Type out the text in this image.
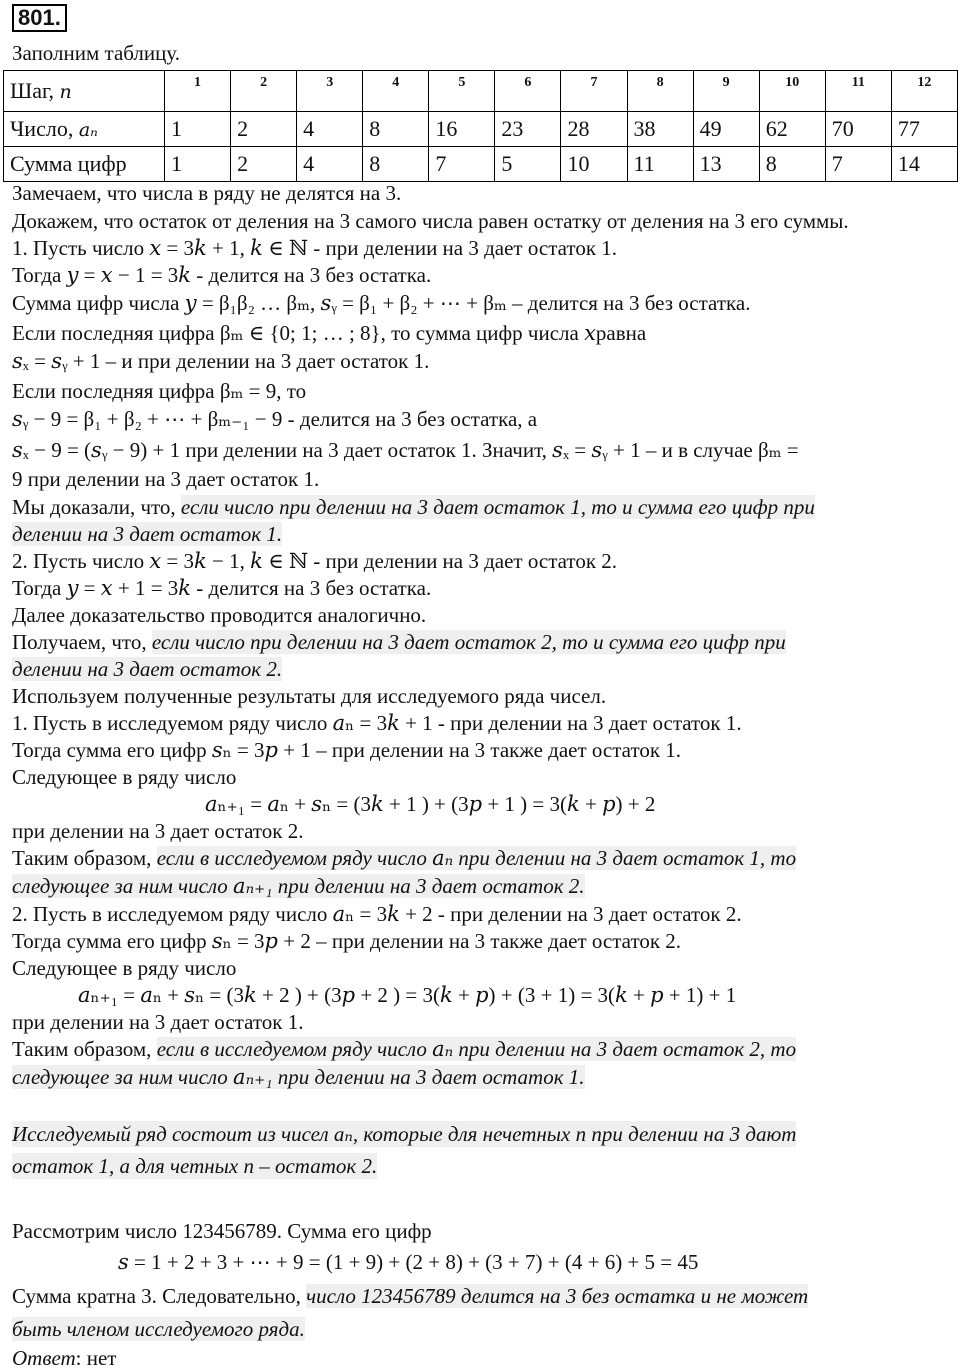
801.
Заполним таблицу.
Шаг, n	1	2	3	4	5	6	7	8	9	10	11	12
Число, aₙ	1	2	4	8	16	23	28	38	49	62	70	77
Сумма цифр	1	2	4	8	7	5	10	11	13	8	7	14
Замечаем, что числа в ряду не делятся на 3.
Докажем, что остаток от деления на 3 самого числа равен остатку от деления на 3 его суммы.
1. Пусть число 𝑥 = 3𝑘 + 1, 𝑘 ∈ ℕ - при делении на 3 дает остаток 1.
Тогда 𝑦 = 𝑥 − 1 = 3𝑘 - делится на 3 без остатка.
Сумма цифр числа 𝑦 = β₁β₂ … βₘ, 𝑠ᵧ = β₁ + β₂ + ⋯ + βₘ – делится на 3 без остатка.
Если последняя цифра βₘ ∈ {0; 1; … ; 8}, то сумма цифр числа 𝑥равна
𝑠ₓ = 𝑠ᵧ + 1 – и при делении на 3 дает остаток 1.
Если последняя цифра βₘ = 9, то
𝑠ᵧ − 9 = β₁ + β₂ + ⋯ + βₘ₋₁ − 9 - делится на 3 без остатка, а
𝑠ₓ − 9 = (𝑠ᵧ − 9) + 1 при делении на 3 дает остаток 1. Значит, 𝑠ₓ = 𝑠ᵧ + 1 – и в случае βₘ =
9 при делении на 3 дает остаток 1.
Мы доказали, что, если число при делении на 3 дает остаток 1, то и сумма его цифр при
делении на 3 дает остаток 1.
2. Пусть число 𝑥 = 3𝑘 − 1, 𝑘 ∈ ℕ - при делении на 3 дает остаток 2.
Тогда 𝑦 = 𝑥 + 1 = 3𝑘 - делится на 3 без остатка.
Далее доказательство проводится аналогично.
Получаем, что, если число при делении на 3 дает остаток 2, то и сумма его цифр при
делении на 3 дает остаток 2.
Используем полученные результаты для исследуемого ряда чисел.
1. Пусть в исследуемом ряду число 𝑎ₙ = 3𝑘 + 1 - при делении на 3 дает остаток 1.
Тогда сумма его цифр 𝑠ₙ = 3𝑝 + 1 – при делении на 3 также дает остаток 1.
Следующее в ряду число
𝑎ₙ₊₁ = 𝑎ₙ + 𝑠ₙ = (3𝑘 + 1 ) + (3𝑝 + 1 ) = 3(𝑘 + 𝑝) + 2
при делении на 3 дает остаток 2.
Таким образом, если в исследуемом ряду число 𝑎ₙ при делении на 3 дает остаток 1, то
следующее за ним число 𝑎ₙ₊₁ при делении на 3 дает остаток 2.
2. Пусть в исследуемом ряду число 𝑎ₙ = 3𝑘 + 2 - при делении на 3 дает остаток 2.
Тогда сумма его цифр 𝑠ₙ = 3𝑝 + 2 – при делении на 3 также дает остаток 2.
Следующее в ряду число
𝑎ₙ₊₁ = 𝑎ₙ + 𝑠ₙ = (3𝑘 + 2 ) + (3𝑝 + 2 ) = 3(𝑘 + 𝑝) + (3 + 1) = 3(𝑘 + 𝑝 + 1) + 1
при делении на 3 дает остаток 1.
Таким образом, если в исследуемом ряду число 𝑎ₙ при делении на 3 дает остаток 2, то
следующее за ним число 𝑎ₙ₊₁ при делении на 3 дает остаток 1.
Исследуемый ряд состоит из чисел aₙ, которые для нечетных n при делении на 3 дают
остаток 1, а для четных n – остаток 2.
Рассмотрим число 123456789. Сумма его цифр
𝑠 = 1 + 2 + 3 + ⋯ + 9 = (1 + 9) + (2 + 8) + (3 + 7) + (4 + 6) + 5 = 45
Сумма кратна 3. Следовательно, число 123456789 делится на 3 без остатка и не может
быть членом исследуемого ряда.
Ответ: нет
